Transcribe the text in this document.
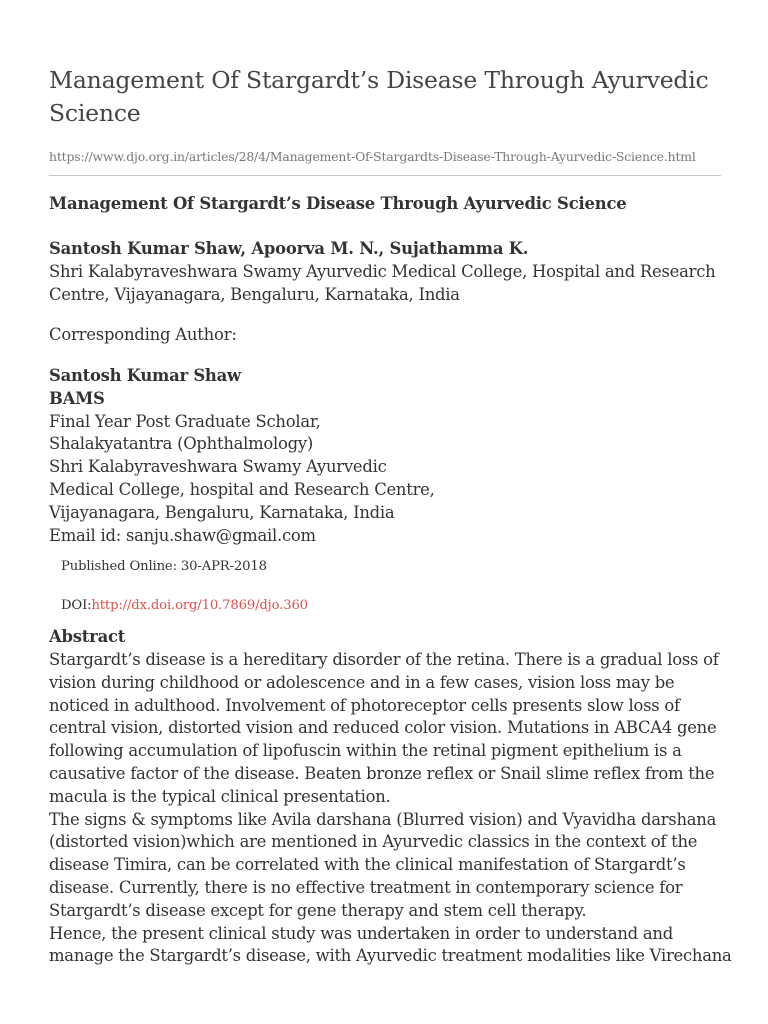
Management Of Stargardt’s Disease Through Ayurvedic
Science
https://www.djo.org.in/articles/28/4/Management-Of-Stargardts-Disease-Through-Ayurvedic-Science.html
Management Of Stargardt’s Disease Through Ayurvedic Science
Santosh Kumar Shaw, Apoorva M. N., Sujathamma K.
Shri Kalabyraveshwara Swamy Ayurvedic Medical College, Hospital and Research
Centre, Vijayanagara, Bengaluru, Karnataka, India
Corresponding Author:
Santosh Kumar Shaw
BAMS
Final Year Post Graduate Scholar,
Shalakyatantra (Ophthalmology)
Shri Kalabyraveshwara Swamy Ayurvedic
Medical College, hospital and Research Centre,
Vijayanagara, Bengaluru, Karnataka, India
Email id: sanju.shaw@gmail.com
Published Online: 30-APR-2018
DOI:http://dx.doi.org/10.7869/djo.360
Abstract
Stargardt’s disease is a hereditary disorder of the retina. There is a gradual loss of
vision during childhood or adolescence and in a few cases, vision loss may be
noticed in adulthood. Involvement of photoreceptor cells presents slow loss of
central vision, distorted vision and reduced color vision. Mutations in ABCA4 gene
following accumulation of lipofuscin within the retinal pigment epithelium is a
causative factor of the disease. Beaten bronze reflex or Snail slime reflex from the
macula is the typical clinical presentation.
The signs & symptoms like Avila darshana (Blurred vision) and Vyavidha darshana
(distorted vision)which are mentioned in Ayurvedic classics in the context of the
disease Timira, can be correlated with the clinical manifestation of Stargardt’s
disease. Currently, there is no effective treatment in contemporary science for
Stargardt’s disease except for gene therapy and stem cell therapy.
Hence, the present clinical study was undertaken in order to understand and
manage the Stargardt’s disease, with Ayurvedic treatment modalities like Virechana
